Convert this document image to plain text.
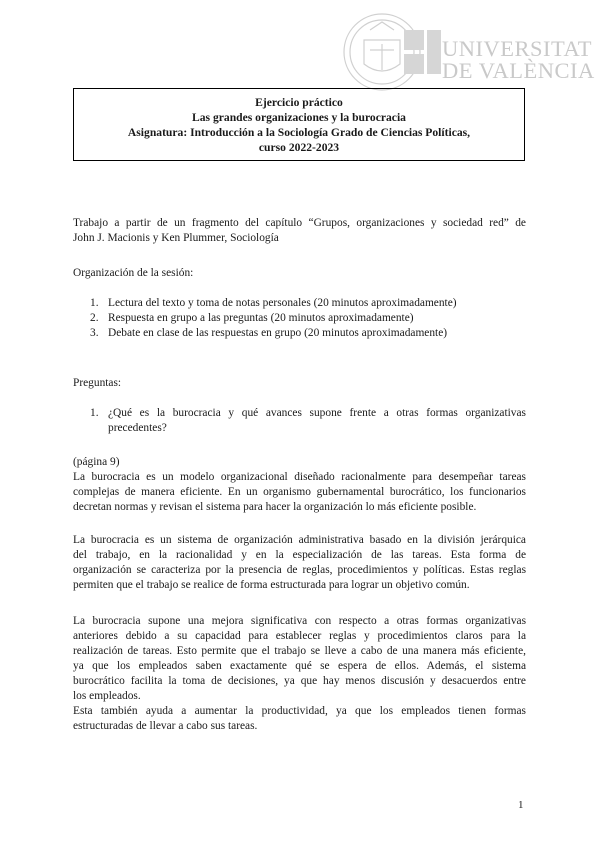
UNIVERSITAT
DE VALÈNCIA
Ejercicio práctico
Las grandes organizaciones y la burocracia
Asignatura: Introducción a la Sociología Grado de Ciencias Políticas,
curso 2022-2023
Trabajo a partir de un fragmento del capítulo “Grupos, organizaciones y sociedad red” de
John J. Macionis y Ken Plummer, Sociología
Organización de la sesión:
1. Lectura del texto y toma de notas personales (20 minutos aproximadamente)
2. Respuesta en grupo a las preguntas (20 minutos aproximadamente)
3. Debate en clase de las respuestas en grupo (20 minutos aproximadamente)
Preguntas:
1. ¿Qué es la burocracia y qué avances supone frente a otras formas organizativas
precedentes?
(página 9)
La burocracia es un modelo organizacional diseñado racionalmente para desempeñar tareas
complejas de manera eficiente. En un organismo gubernamental burocrático, los funcionarios
decretan normas y revisan el sistema para hacer la organización lo más eficiente posible.
La burocracia es un sistema de organización administrativa basado en la división jerárquica
del trabajo, en la racionalidad y en la especialización de las tareas. Esta forma de
organización se caracteriza por la presencia de reglas, procedimientos y políticas. Estas reglas
permiten que el trabajo se realice de forma estructurada para lograr un objetivo común.
La burocracia supone una mejora significativa con respecto a otras formas organizativas
anteriores debido a su capacidad para establecer reglas y procedimientos claros para la
realización de tareas. Esto permite que el trabajo se lleve a cabo de una manera más eficiente,
ya que los empleados saben exactamente qué se espera de ellos. Además, el sistema
burocrático facilita la toma de decisiones, ya que hay menos discusión y desacuerdos entre
los empleados.
Esta también ayuda a aumentar la productividad, ya que los empleados tienen formas
estructuradas de llevar a cabo sus tareas.
1
